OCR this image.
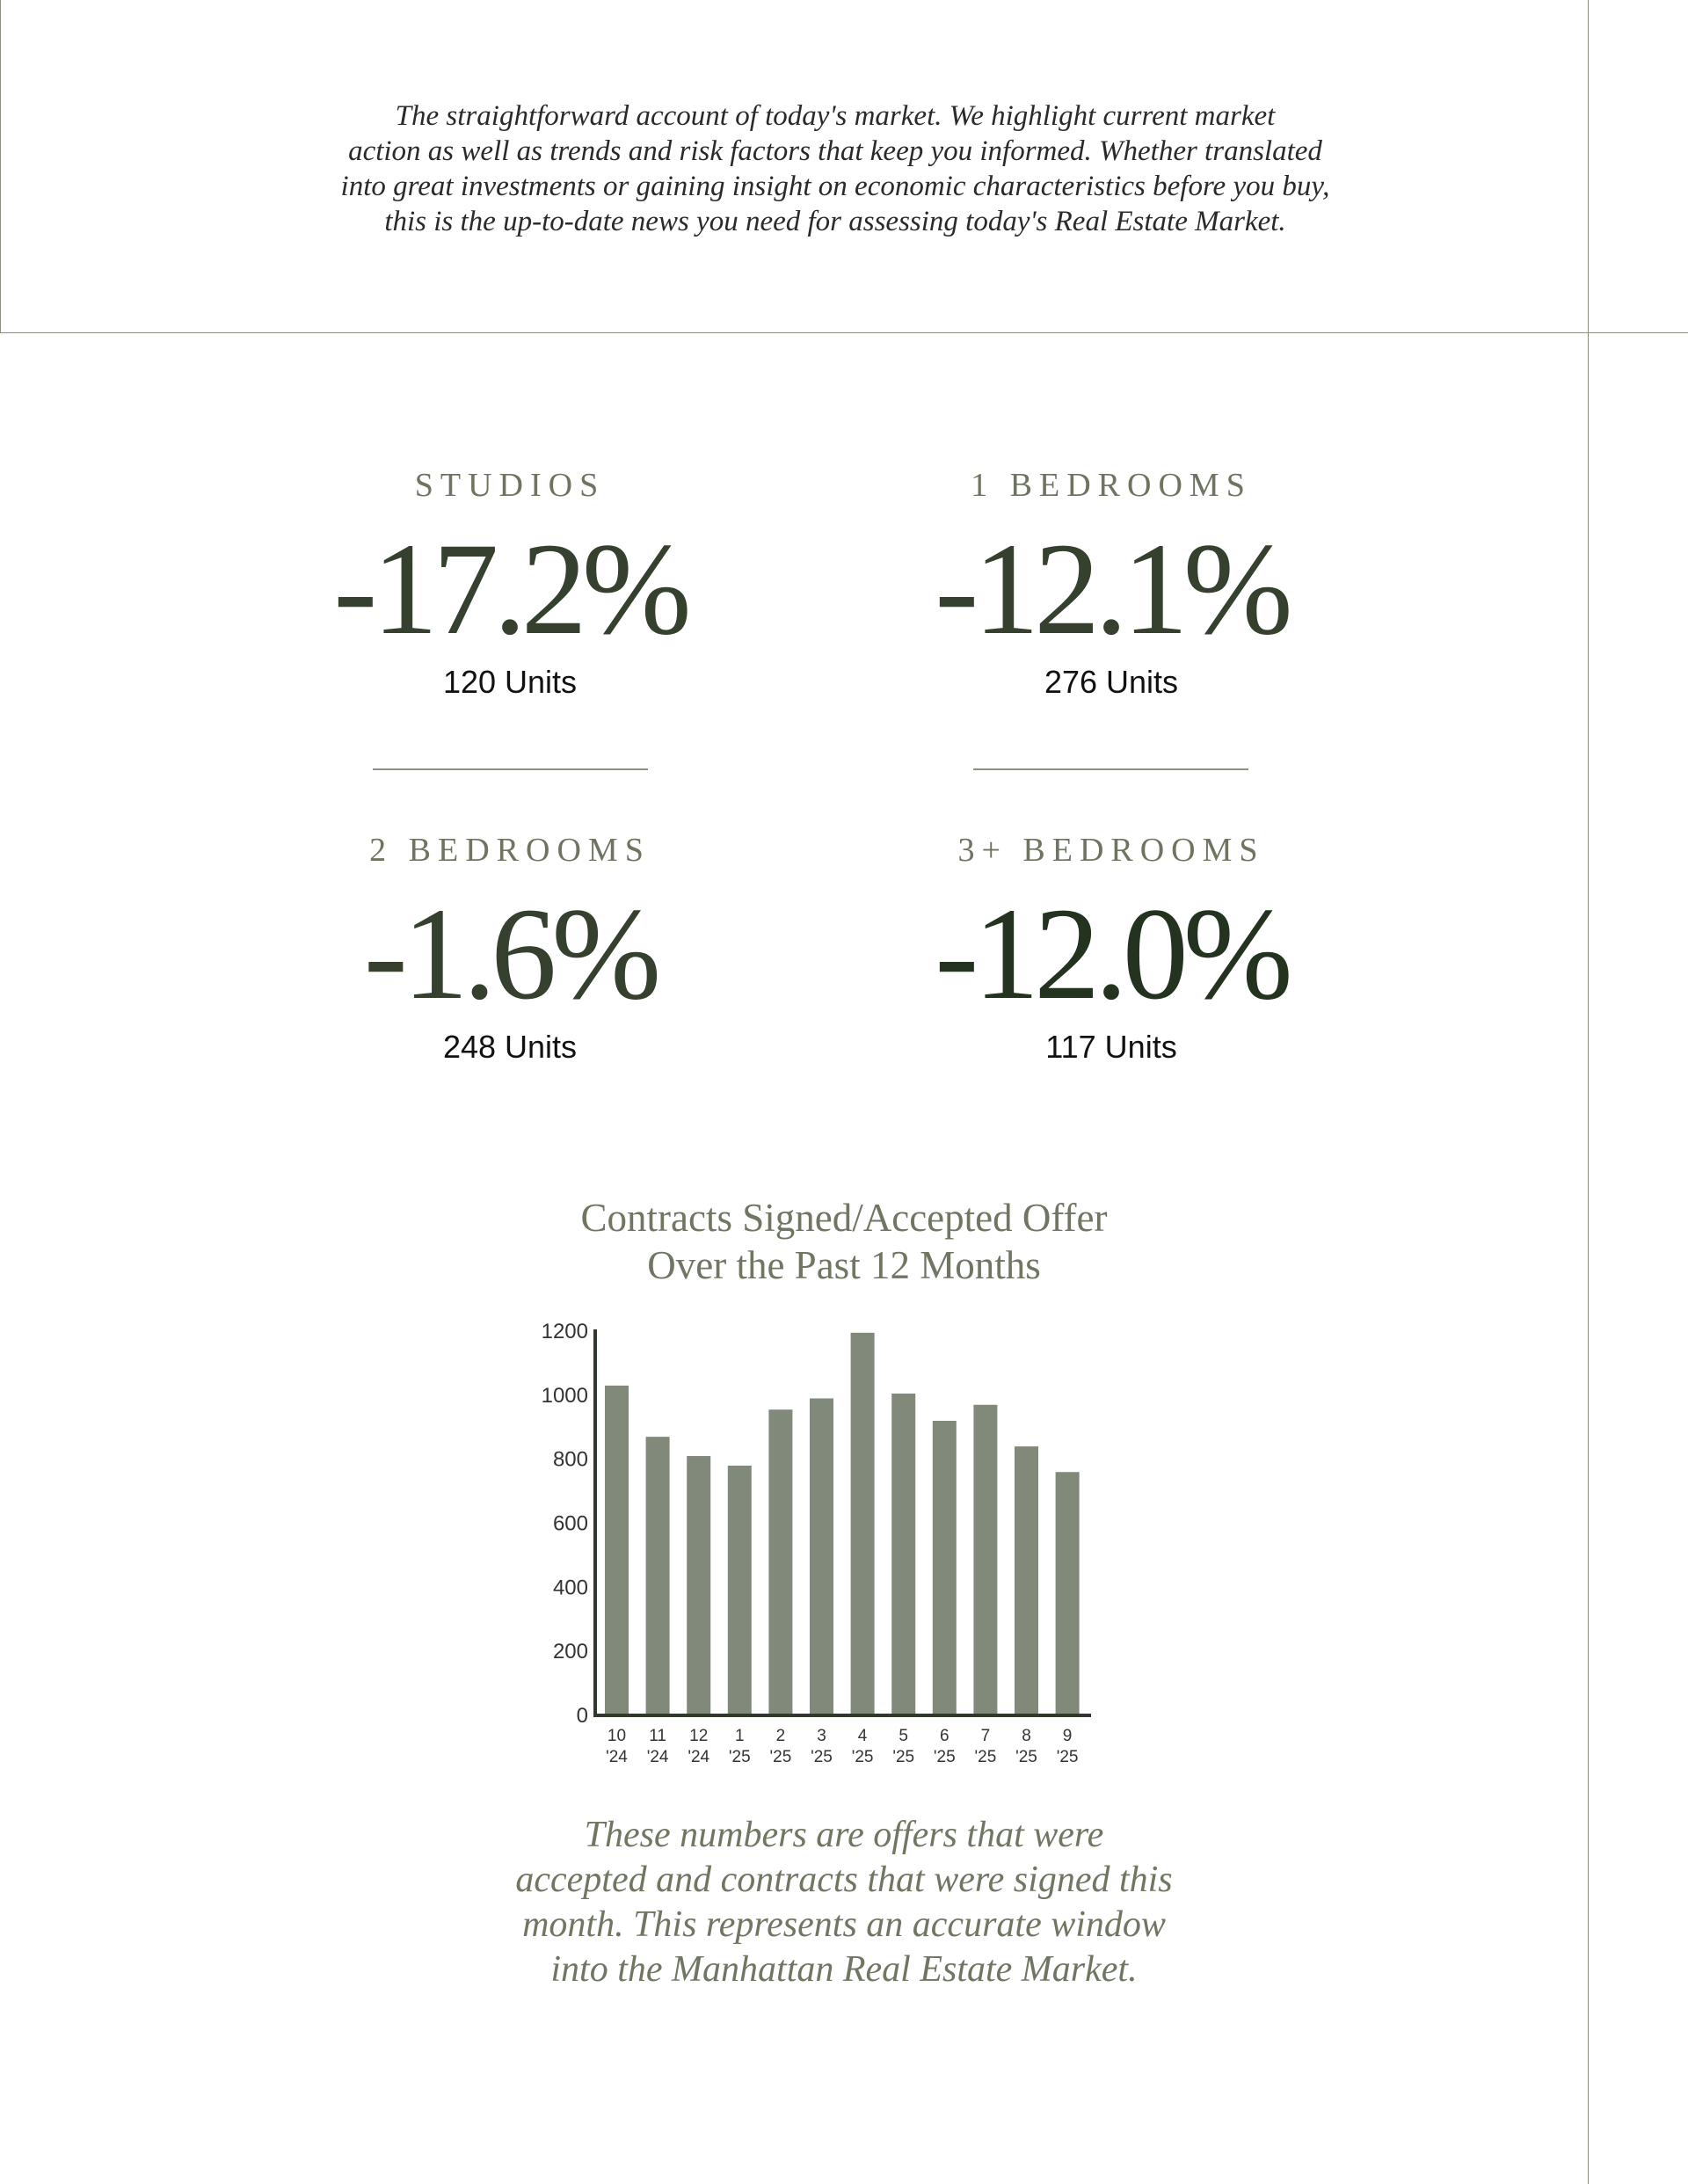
The straightforward account of today's market. We highlight current market

action as well as trends and risk factors that keep you informed. Whether translated

into great investments or gaining insight on economic characteristics before you buy,

this is the up-to-date news you need for assessing today's Real Estate Market.

STUDIOS
-17.2%
120 Units
1 BEDROOMS
-12.1%
276 Units
2 BEDROOMS
-1.6%
248 Units
3+ BEDROOMS
-12.0%
117 Units
Contracts Signed/Accepted Offer
Over the Past 12 Months
0
200
400
600
800
1000
1200
10
'24
11
'24
12
'24
1
'25
2
'25
3
'25
4
'25
5
'25
6
'25
7
'25
8
'25
9
'25

These numbers are offers that were

accepted and contracts that were signed this

month. This represents an accurate window

into the Manhattan Real Estate Market.
